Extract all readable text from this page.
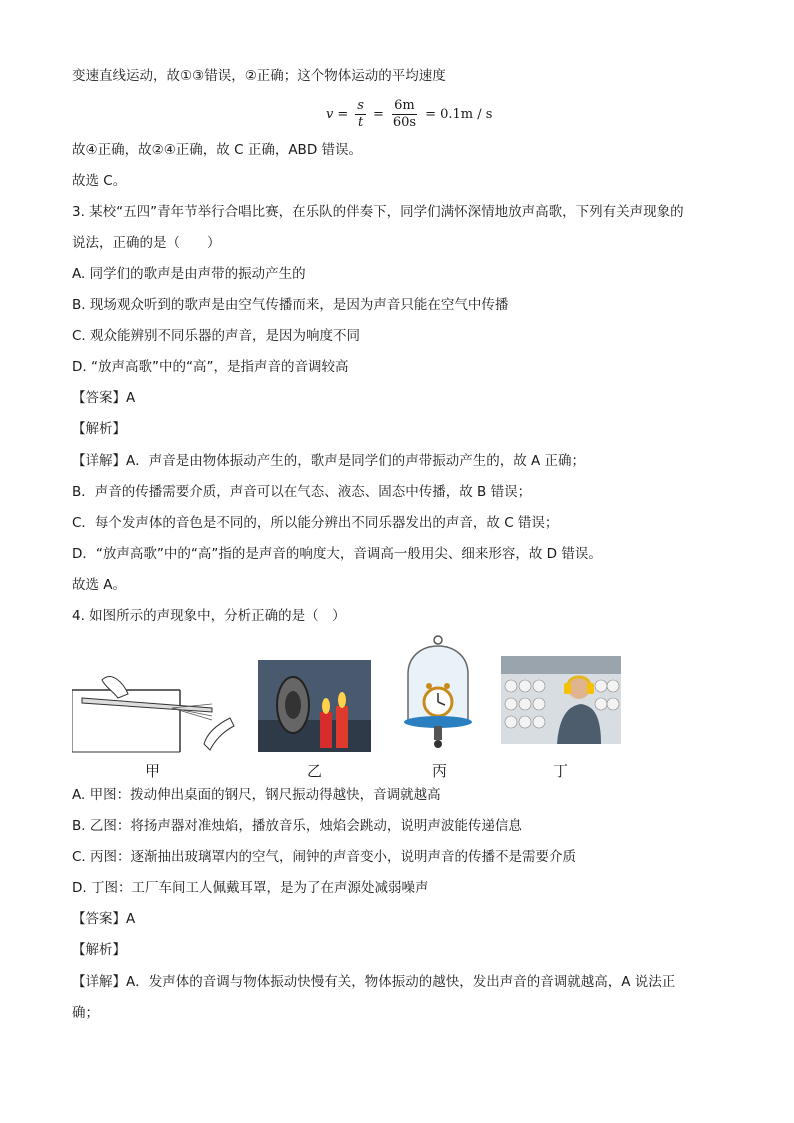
变速直线运动，故①③错误，②正确；这个物体运动的平均速度
$v = \frac{s}{t} = \frac{6m}{60s} = 0.1m / s$
故④正确，故②④正确，故 C 正确，ABD 错误。
故选 C。
3. 某校“五四”青年节举行合唱比赛，在乐队的伴奏下，同学们满怀深情地放声高歌，下列有关声现象的
说法，正确的是（　　）
A. 同学们的歌声是由声带的振动产生的
B. 现场观众听到的歌声是由空气传播而来，是因为声音只能在空气中传播
C. 观众能辨别不同乐器的声音，是因为响度不同
D. “放声高歌”中的“高”，是指声音的音调较高
【答案】A
【解析】
【详解】A．声音是由物体振动产生的，歌声是同学们的声带振动产生的，故 A 正确；
B．声音的传播需要介质，声音可以在气态、液态、固态中传播，故 B 错误；
C．每个发声体的音色是不同的，所以能分辨出不同乐器发出的声音，故 C 错误；
D．“放声高歌”中的“高”指的是声音的响度大，音调高一般用尖、细来形容，故 D 错误。
故选 A。
4. 如图所示的声现象中，分析正确的是（　）
甲	乙	丙	丁
A. 甲图：拨动伸出桌面的钢尺，钢尺振动得越快，音调就越高
B. 乙图：将扬声器对准烛焰，播放音乐，烛焰会跳动，说明声波能传递信息
C. 丙图：逐渐抽出玻璃罩内的空气，闹钟的声音变小，说明声音的传播不是需要介质
D. 丁图：工厂车间工人佩戴耳罩，是为了在声源处减弱噪声
【答案】A
【解析】
【详解】A．发声体的音调与物体振动快慢有关，物体振动的越快，发出声音的音调就越高，A 说法正
确；
